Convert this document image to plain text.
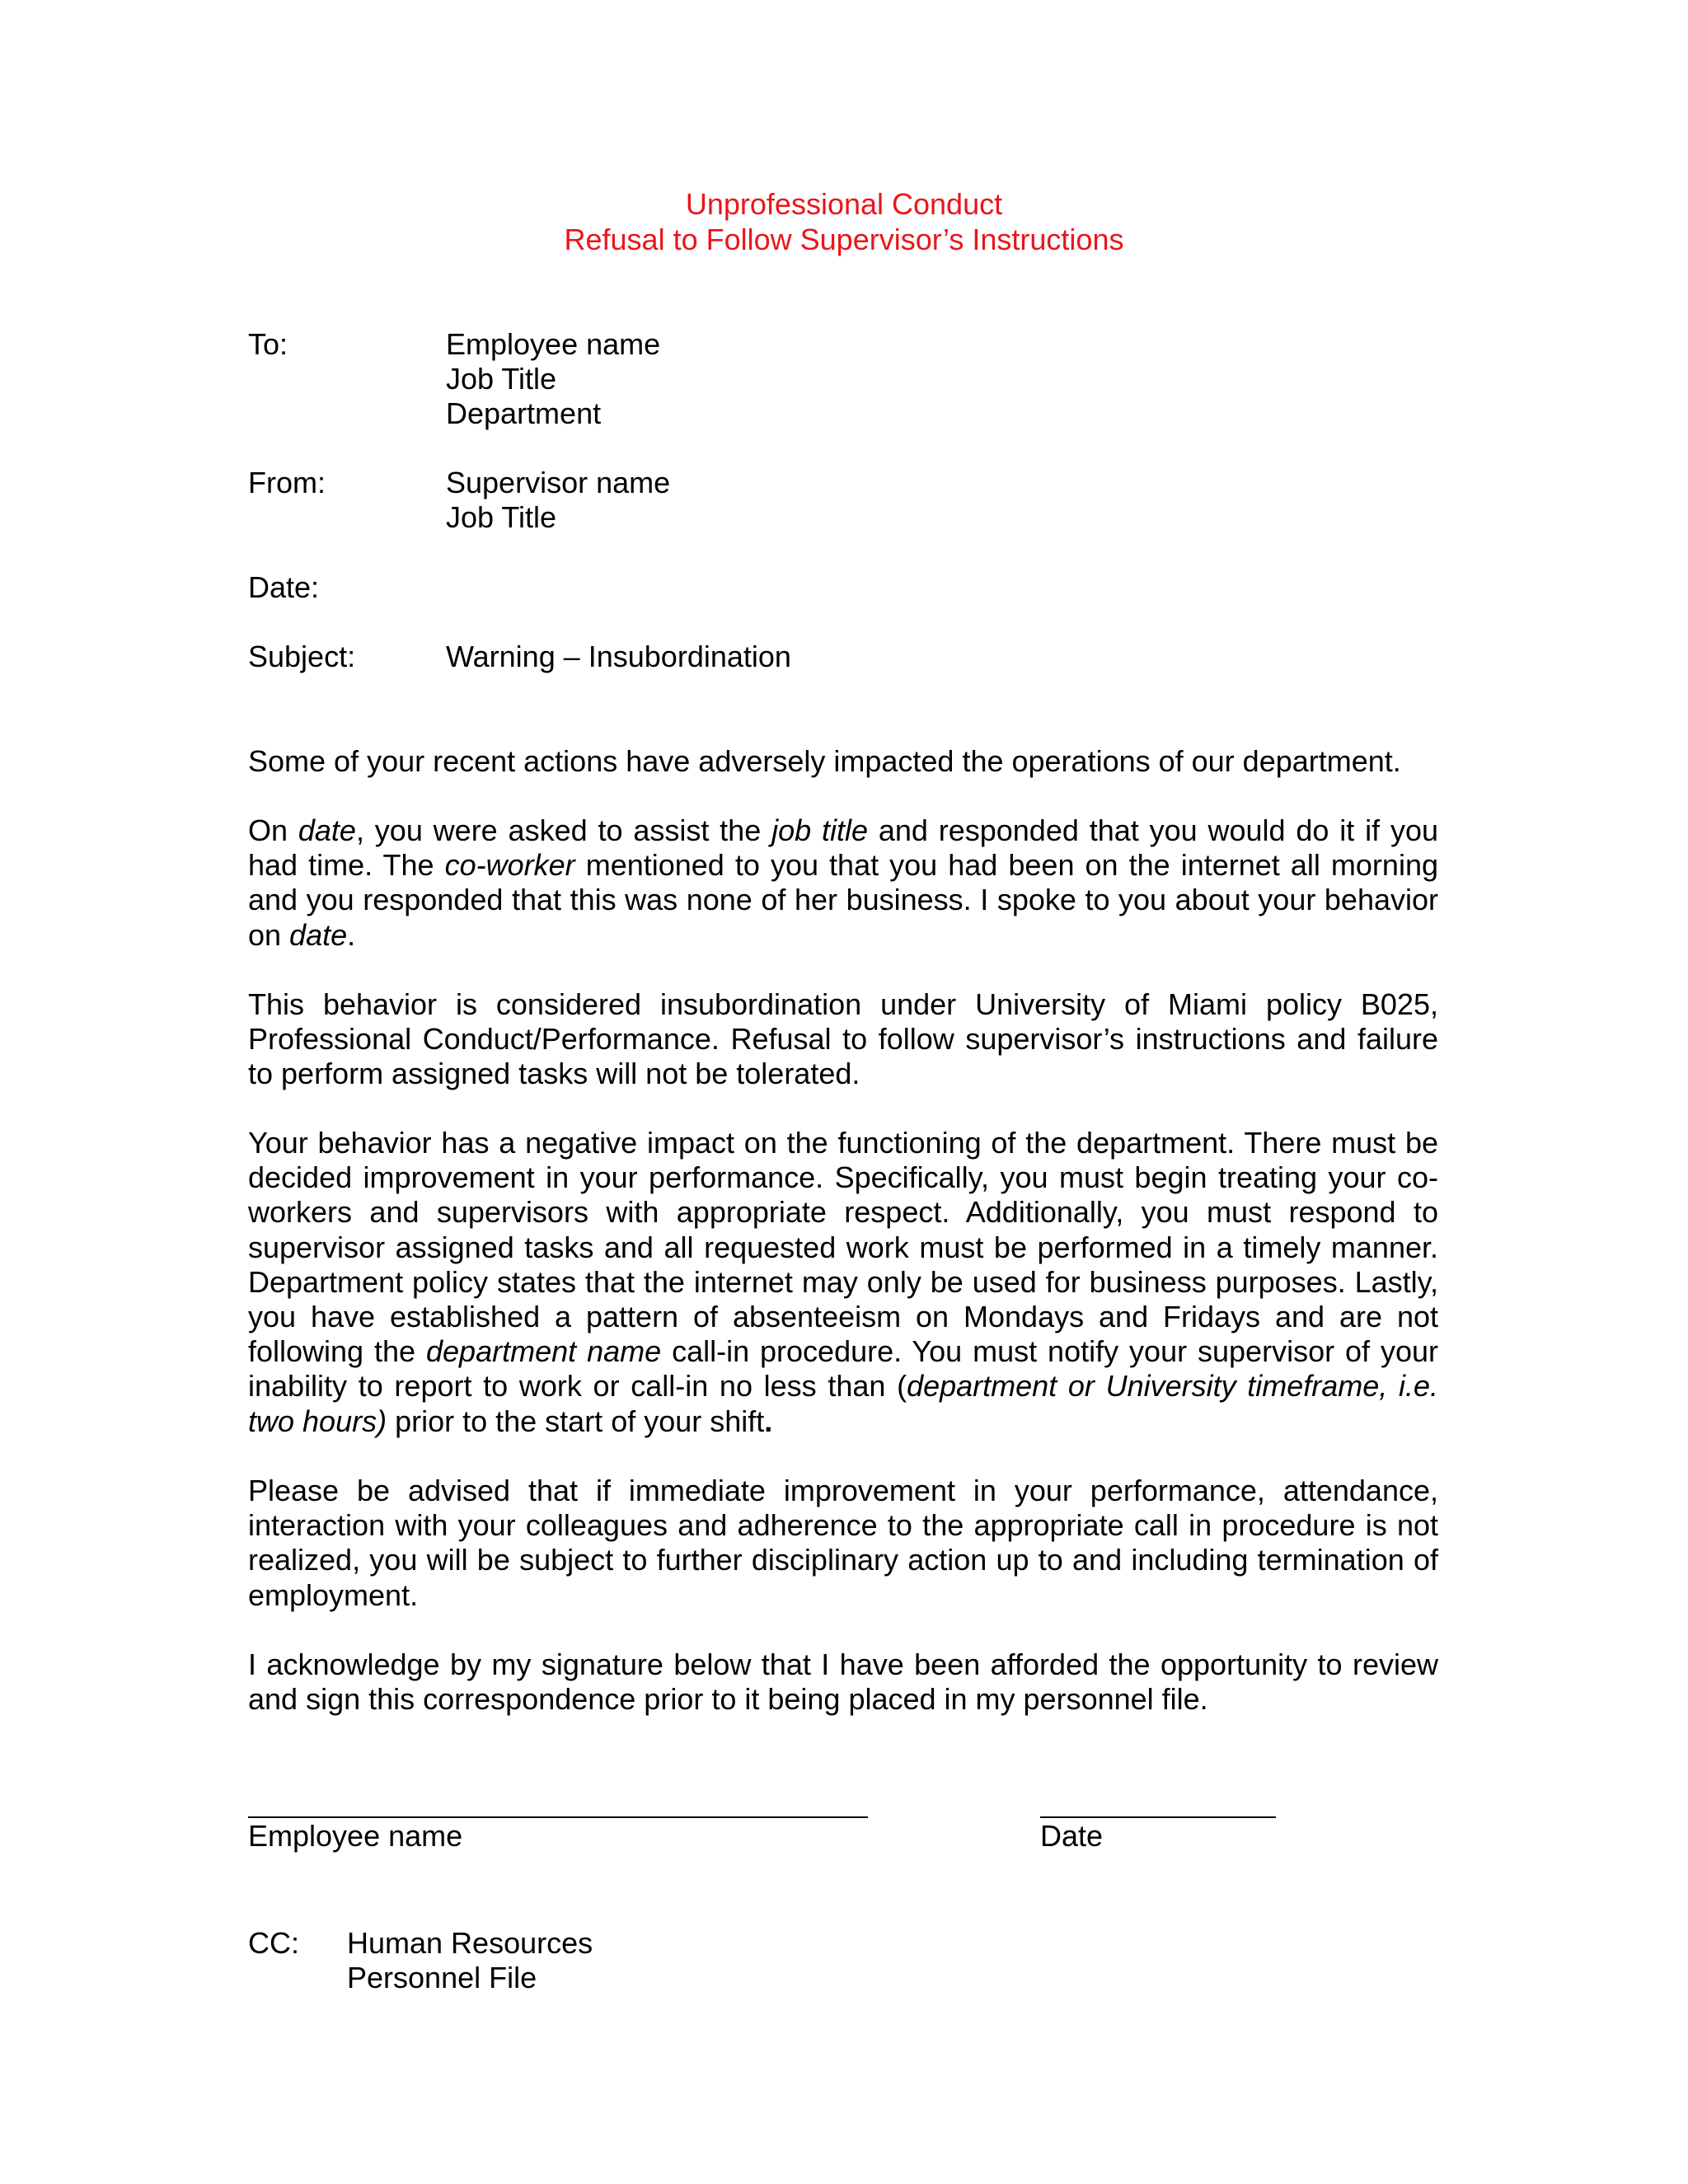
Unprofessional Conduct
Refusal to Follow Supervisor’s Instructions
To:	Employee name
Job Title
Department
From:	Supervisor name
Job Title
Date:
Subject:	Warning – Insubordination

Some of your recent actions have adversely impacted the operations of our department.

On date, you were asked to assist the job title and responded that you would do it if you had time. The co-worker mentioned to you that you had been on the internet all morning and you responded that this was none of her business. I spoke to you about your behavior on date.

This behavior is considered insubordination under University of Miami policy B025, Professional Conduct/Performance. Refusal to follow supervisor’s instructions and failure to perform assigned tasks will not be tolerated.

Your behavior has a negative impact on the functioning of the department. There must be decided improvement in your performance. Specifically, you must begin treating your co-workers and supervisors with appropriate respect. Additionally, you must respond to supervisor assigned tasks and all requested work must be performed in a timely manner. Department policy states that the internet may only be used for business purposes. Lastly, you have established a pattern of absenteeism on Mondays and Fridays and are not following the department name call-in procedure. You must notify your supervisor of your inability to report to work or call-in no less than (department or University timeframe, i.e. two hours) prior to the start of your shift.

Please be advised that if immediate improvement in your performance, attendance, interaction with your colleagues and adherence to the appropriate call in procedure is not realized, you will be subject to further disciplinary action up to and including termination of employment.

I acknowledge by my signature below that I have been afforded the opportunity to review and sign this correspondence prior to it being placed in my personnel file.

Employee name	Date
CC: Human Resources
Personnel File
